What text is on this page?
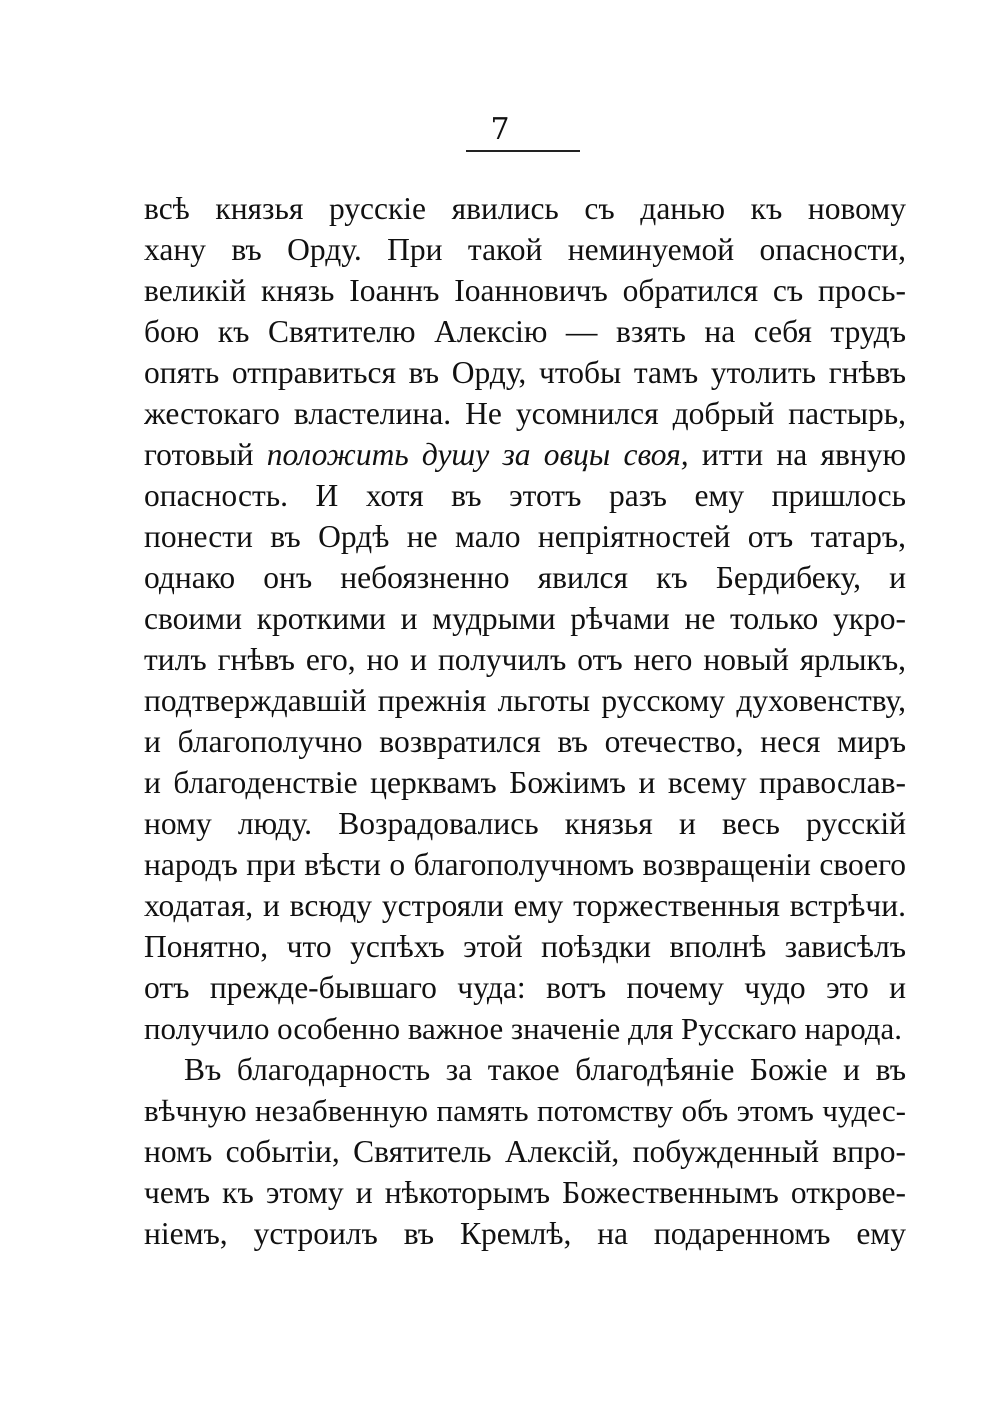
7
всѣ князья русскіе явились съ данью къ новому
хану въ Орду. При такой неминуемой опасности,
великій князь Іоаннъ Іоанновичъ обратился съ прось-
бою къ Святителю Алексію — взять на себя трудъ
опять отправиться въ Орду, чтобы тамъ утолить гнѣвъ
жестокаго властелина. Не усомнился добрый пастырь,
готовый положить душу за овцы своя, итти на явную
опасность. И хотя въ этотъ разъ ему пришлось
понести въ Ордѣ не мало непріятностей отъ татаръ,
однако онъ небоязненно явился къ Бердибеку, и
своими кроткими и мудрыми рѣчами не только укро-
тилъ гнѣвъ его, но и получилъ отъ него новый ярлыкъ,
подтверждавшій прежнія льготы русскому духовенству,
и благополучно возвратился въ отечество, неся миръ
и благоденствіе церквамъ Божіимъ и всему православ-
ному люду. Возрадовались князья и весь русскій
народъ при вѣсти о благополучномъ возвращеніи своего
ходатая, и всюду устрояли ему торжественныя встрѣчи.
Понятно, что успѣхъ этой поѣздки вполнѣ зависѣлъ
отъ прежде-бывшаго чуда: вотъ почему чудо это и
получило особенно важное значеніе для Русскаго народа.
Въ благодарность за такое благодѣяніе Божіе и въ
вѣчную незабвенную память потомству объ этомъ чудес-
номъ событіи, Святитель Алексій, побужденный впро-
чемъ къ этому и нѣкоторымъ Божественнымъ открове-
ніемъ, устроилъ въ Кремлѣ, на подаренномъ ему
